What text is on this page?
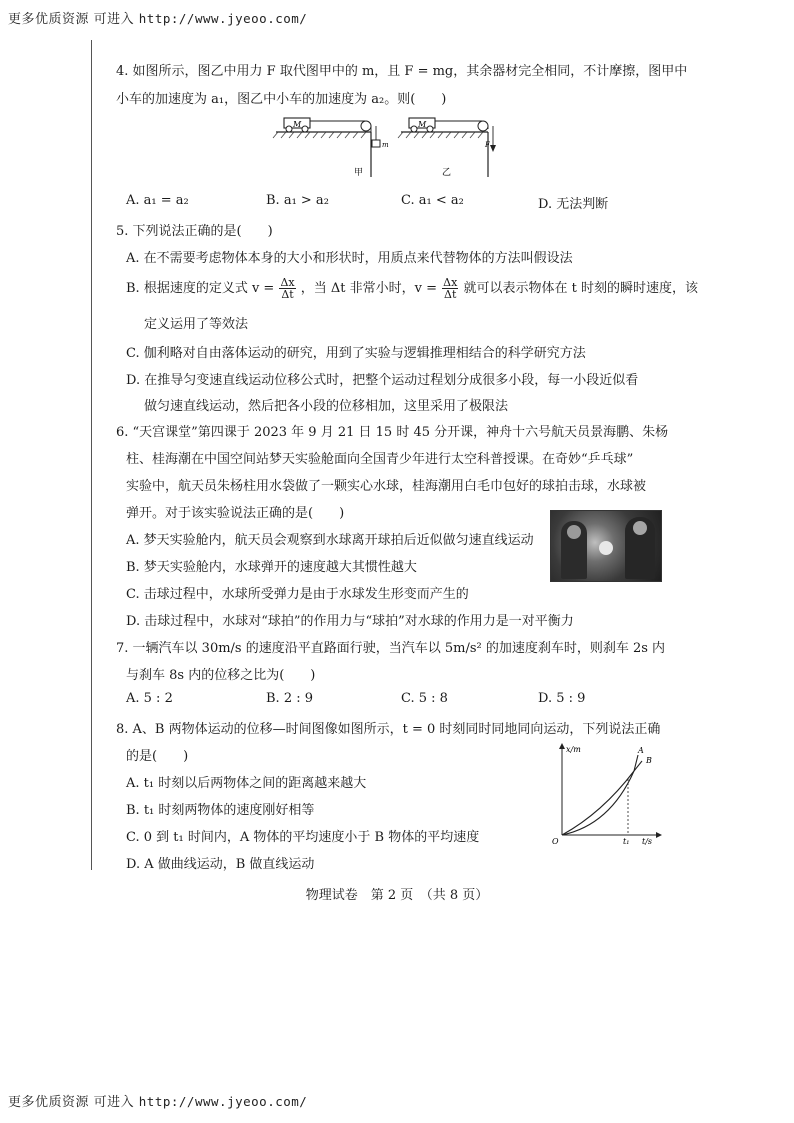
更多优质资源 可进入 http://www.jyeoo.com/
4. 如图所示，图乙中用力 F 取代图甲中的 m，且 F = mg，其余器材完全相同，不计摩擦，图甲中
小车的加速度为 a₁，图乙中小车的加速度为 a₂。则(　　)
M
m
甲
M
F
乙
A. a₁ = a₂	B. a₁ > a₂	C. a₁ < a₂	D. 无法判断
5. 下列说法正确的是(　　)
A. 在不需要考虑物体本身的大小和形状时，用质点来代替物体的方法叫假设法
B. 根据速度的定义式 $v = \frac{\Delta x}{\Delta t}$ ，当 Δt 非常小时，$v = \frac{\Delta x}{\Delta t}$ 就可以表示物体在 t 时刻的瞬时速度，该
定义运用了等效法
C. 伽利略对自由落体运动的研究，用到了实验与逻辑推理相结合的科学研究方法
D. 在推导匀变速直线运动位移公式时，把整个运动过程划分成很多小段，每一小段近似看
做匀速直线运动，然后把各小段的位移相加，这里采用了极限法
6. “天宫课堂”第四课于 2023 年 9 月 21 日 15 时 45 分开课，神舟十六号航天员景海鹏、朱杨
柱、桂海潮在中国空间站梦天实验舱面向全国青少年进行太空科普授课。在奇妙“乒乓球”
实验中，航天员朱杨柱用水袋做了一颗实心水球，桂海潮用白毛巾包好的球拍击球，水球被
弹开。对于该实验说法正确的是(　　)
A. 梦天实验舱内，航天员会观察到水球离开球拍后近似做匀速直线运动
B. 梦天实验舱内，水球弹开的速度越大其惯性越大
C. 击球过程中，水球所受弹力是由于水球发生形变而产生的
D. 击球过程中，水球对“球拍”的作用力与“球拍”对水球的作用力是一对平衡力
7. 一辆汽车以 30m/s 的速度沿平直路面行驶，当汽车以 5m/s² 的加速度刹车时，则刹车 2s 内
与刹车 8s 内的位移之比为(　　)
A. 5 : 2	B. 2 : 9	C. 5 : 8	D. 5 : 9
8. A、B 两物体运动的位移—时间图像如图所示，t = 0 时刻同时同地同向运动，下列说法正确
的是(　　)
A. t₁ 时刻以后两物体之间的距离越来越大
B. t₁ 时刻两物体的速度刚好相等
C. 0 到 t₁ 时间内，A 物体的平均速度小于 B 物体的平均速度
D. A 做曲线运动，B 做直线运动
x/m
t/s
O
A
B
t₁
物理试卷　第 2 页　（共 8 页）
更多优质资源 可进入 http://www.jyeoo.com/
